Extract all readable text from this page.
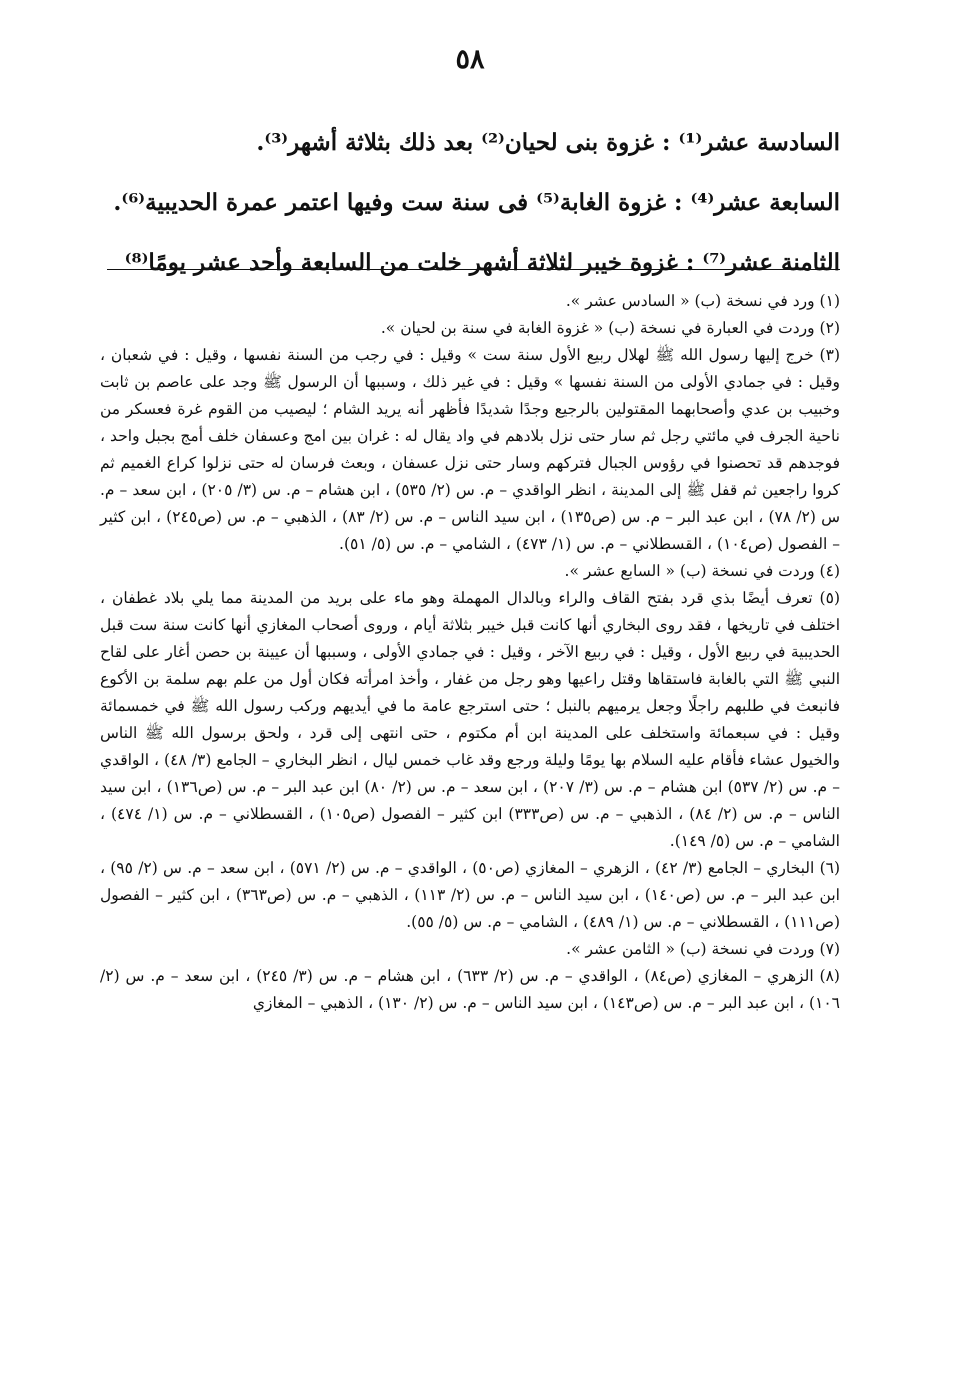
٥٨

السادسة عشر⁽¹⁾ : غزوة بنى لحيان⁽²⁾ بعد ذلك بثلاثة أشهر⁽³⁾.

السابعة عشر⁽⁴⁾ : غزوة الغابة⁽⁵⁾ فى سنة ست وفيها اعتمر عمرة الحديبية⁽⁶⁾.

الثامنة عشر⁽⁷⁾ : غزوة خيبر لثلاثة أشهر خلت من السابعة وأحد عشر يومًا⁽⁸⁾

(١) ورد في نسخة (ب) « السادس عشر ».

(٢) وردت في العبارة في نسخة (ب) « غزوة الغابة في سنة بن لحيان ».

(٣) خرج إليها رسول الله ﷺ لهلال ربيع الأول سنة ست » وقيل : في رجب من السنة نفسها ، وقيل : في شعبان ، وقيل : في جمادي الأولى من السنة نفسها » وقيل : في غير ذلك ، وسببها أن الرسول ﷺ وجد على عاصم بن ثابت وخبيب بن عدي وأصحابهما المقتولين بالرجيع وجدًا شديدًا فأظهر أنه يريد الشام ؛ ليصيب من القوم غرة فعسكر من ناحية الجرف في مائتي رجل ثم سار حتى نزل بلادهم في واد يقال له : غران بين امج وعسفان خلف أمج بجبل واحد ، فوجدهم قد تحصنوا في رؤوس الجبال فتركهم وسار حتى نزل عسفان ، وبعث فرسان له حتى نزلوا كراع الغميم ثم كروا راجعين ثم قفل ﷺ إلى المدينة ، انظر الواقدي – م. س (٢/ ٥٣٥) ، ابن هشام – م. س (٣/ ٢٠٥) ، ابن سعد – م. س (٢/ ٧٨) ، ابن عبد البر – م. س (ص١٣٥) ، ابن سيد الناس – م. س (٢/ ٨٣) ، الذهبي – م. س (ص٢٤٥) ، ابن كثير – الفصول (ص١٠٤) ، القسطلاني – م. س (١/ ٤٧٣) ، الشامي – م. س (٥/ ٥١).

(٤) وردت في نسخة (ب) « السابع عشر ».

(٥) تعرف أيضًا بذي قرد بفتح القاف والراء وبالدال المهملة وهو ماء على بريد من المدينة مما يلي بلاد غطفان ، اختلف في تاريخها ، فقد روى البخاري أنها كانت قبل خيبر بثلاثة أيام ، وروى أصحاب المغازي أنها كانت سنة ست قبل الحديبية في ربيع الأول ، وقيل : في ربيع الآخر ، وقيل : في جمادي الأولى ، وسببها أن عيينة بن حصن أغار على لقاح النبي ﷺ التي بالغابة فاستقاها وقتل راعيها وهو رجل من غفار ، وأخذ امرأته فكان أول من علم بهم سلمة بن الأكوع فانبعث في طلبهم راجلًا وجعل يرميهم بالنبل ؛ حتى استرجع عامة ما في أيديهم وركب رسول الله ﷺ في خمسمائة وقيل : في سبعمائة واستخلف على المدينة ابن أم مكتوم ، حتى انتهى إلى قرد ، ولحق برسول الله ﷺ الناس والخيول عشاء فأقام عليه السلام بها يومًا وليلة ورجع وقد غاب خمس ليال ، انظر البخاري – الجامع (٣/ ٤٨) ، الواقدي – م. س (٢/ ٥٣٧) ابن هشام – م. س (٣/ ٢٠٧) ، ابن سعد – م. س (٢/ ٨٠) ابن عبد البر – م. س (ص١٣٦) ، ابن سيد الناس – م. س (٢/ ٨٤) ، الذهبي – م. س (ص٣٣٣) ابن كثير – الفصول (ص١٠٥) ، القسطلاني – م. س (١/ ٤٧٤) ، الشامي – م. س (٥/ ١٤٩).

(٦) البخاري – الجامع (٣/ ٤٢) ، الزهري – المغازي (ص٥٠) ، الواقدي – م. س (٢/ ٥٧١) ، ابن سعد – م. س (٢/ ٩٥) ، ابن عبد البر – م. س (ص١٤٠) ، ابن سيد الناس – م. س (٢/ ١١٣) ، الذهبي – م. س (ص٣٦٣) ، ابن كثير – الفصول (ص١١١) ، القسطلاني – م. س (١/ ٤٨٩) ، الشامي – م. س (٥/ ٥٥).

(٧) وردت في نسخة (ب) « الثامن عشر ».

(٨) الزهري – المغازي (ص٨٤) ، الواقدي – م. س (٢/ ٦٣٣) ، ابن هشام – م. س (٣/ ٢٤٥) ، ابن سعد – م. س (٢/ ١٠٦) ، ابن عبد البر – م. س (ص١٤٣) ، ابن سيد الناس – م. س (٢/ ١٣٠) ، الذهبي – المغازي
